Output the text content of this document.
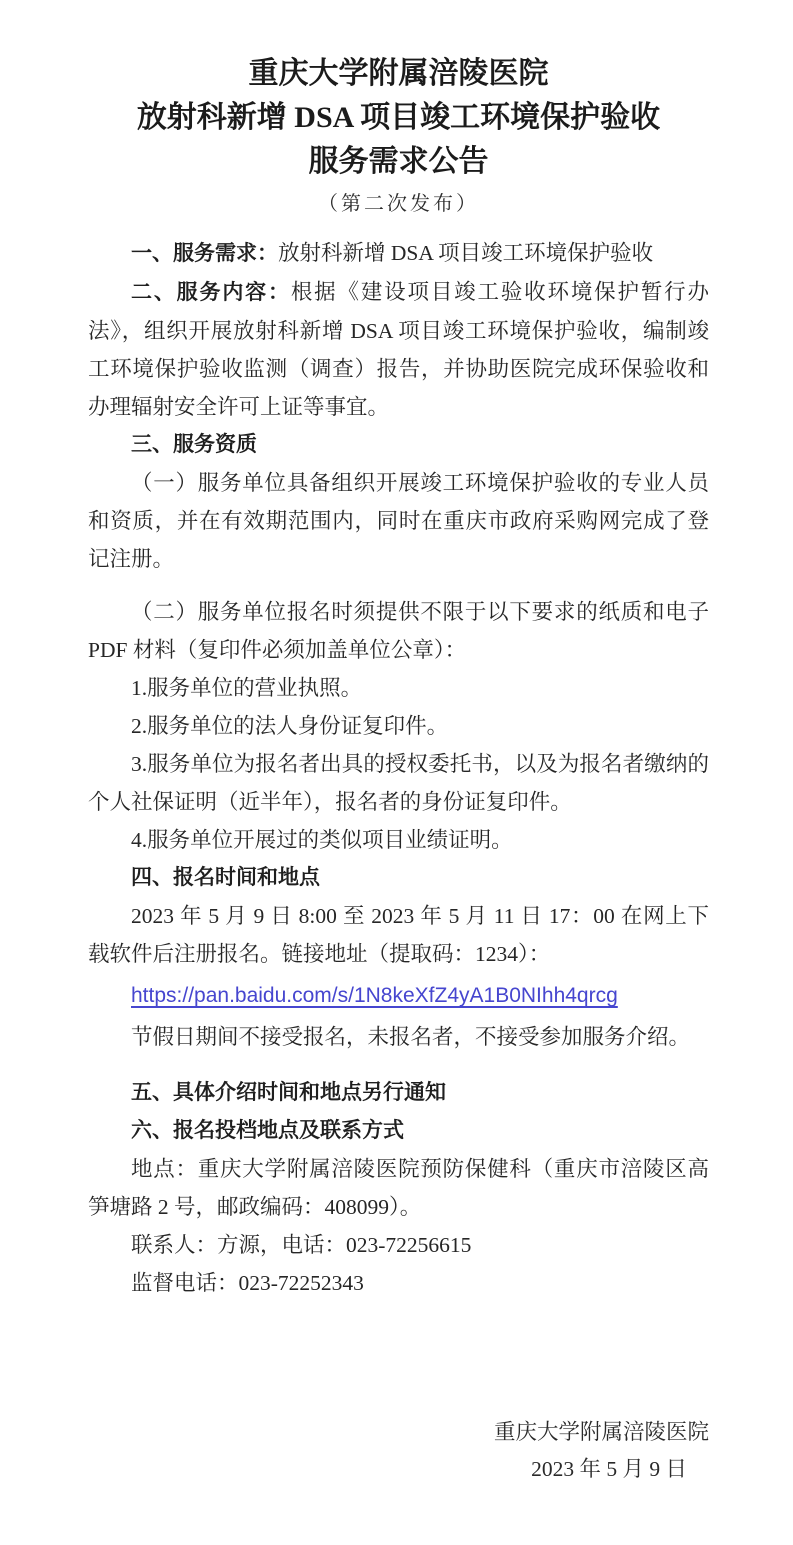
重庆大学附属涪陵医院
放射科新增 DSA 项目竣工环境保护验收
服务需求公告
（第二次发布）

一、服务需求：放射科新增 DSA 项目竣工环境保护验收

二、服务内容：根据《建设项目竣工验收环境保护暂行办法》，组织开展放射科新增 DSA 项目竣工环境保护验收，编制竣工环境保护验收监测（调查）报告，并协助医院完成环保验收和办理辐射安全许可上证等事宜。

三、服务资质

（一）服务单位具备组织开展竣工环境保护验收的专业人员和资质，并在有效期范围内，同时在重庆市政府采购网完成了登记注册。

（二）服务单位报名时须提供不限于以下要求的纸质和电子 PDF 材料（复印件必须加盖单位公章）：

1.服务单位的营业执照。

2.服务单位的法人身份证复印件。

3.服务单位为报名者出具的授权委托书，以及为报名者缴纳的个人社保证明（近半年），报名者的身份证复印件。

4.服务单位开展过的类似项目业绩证明。

四、报名时间和地点

2023 年 5 月 9 日 8:00 至 2023 年 5 月 11 日 17：00 在网上下载软件后注册报名。链接地址（提取码：1234）：

https://pan.baidu.com/s/1N8keXfZ4yA1B0NIhh4qrcg

节假日期间不接受报名，未报名者，不接受参加服务介绍。

五、具体介绍时间和地点另行通知

六、报名投档地点及联系方式

地点：重庆大学附属涪陵医院预防保健科（重庆市涪陵区高笋塘路 2 号，邮政编码：408099）。

联系人：方源，电话：023-72256615

监督电话：023-72252343

重庆大学附属涪陵医院

2023 年 5 月 9 日
